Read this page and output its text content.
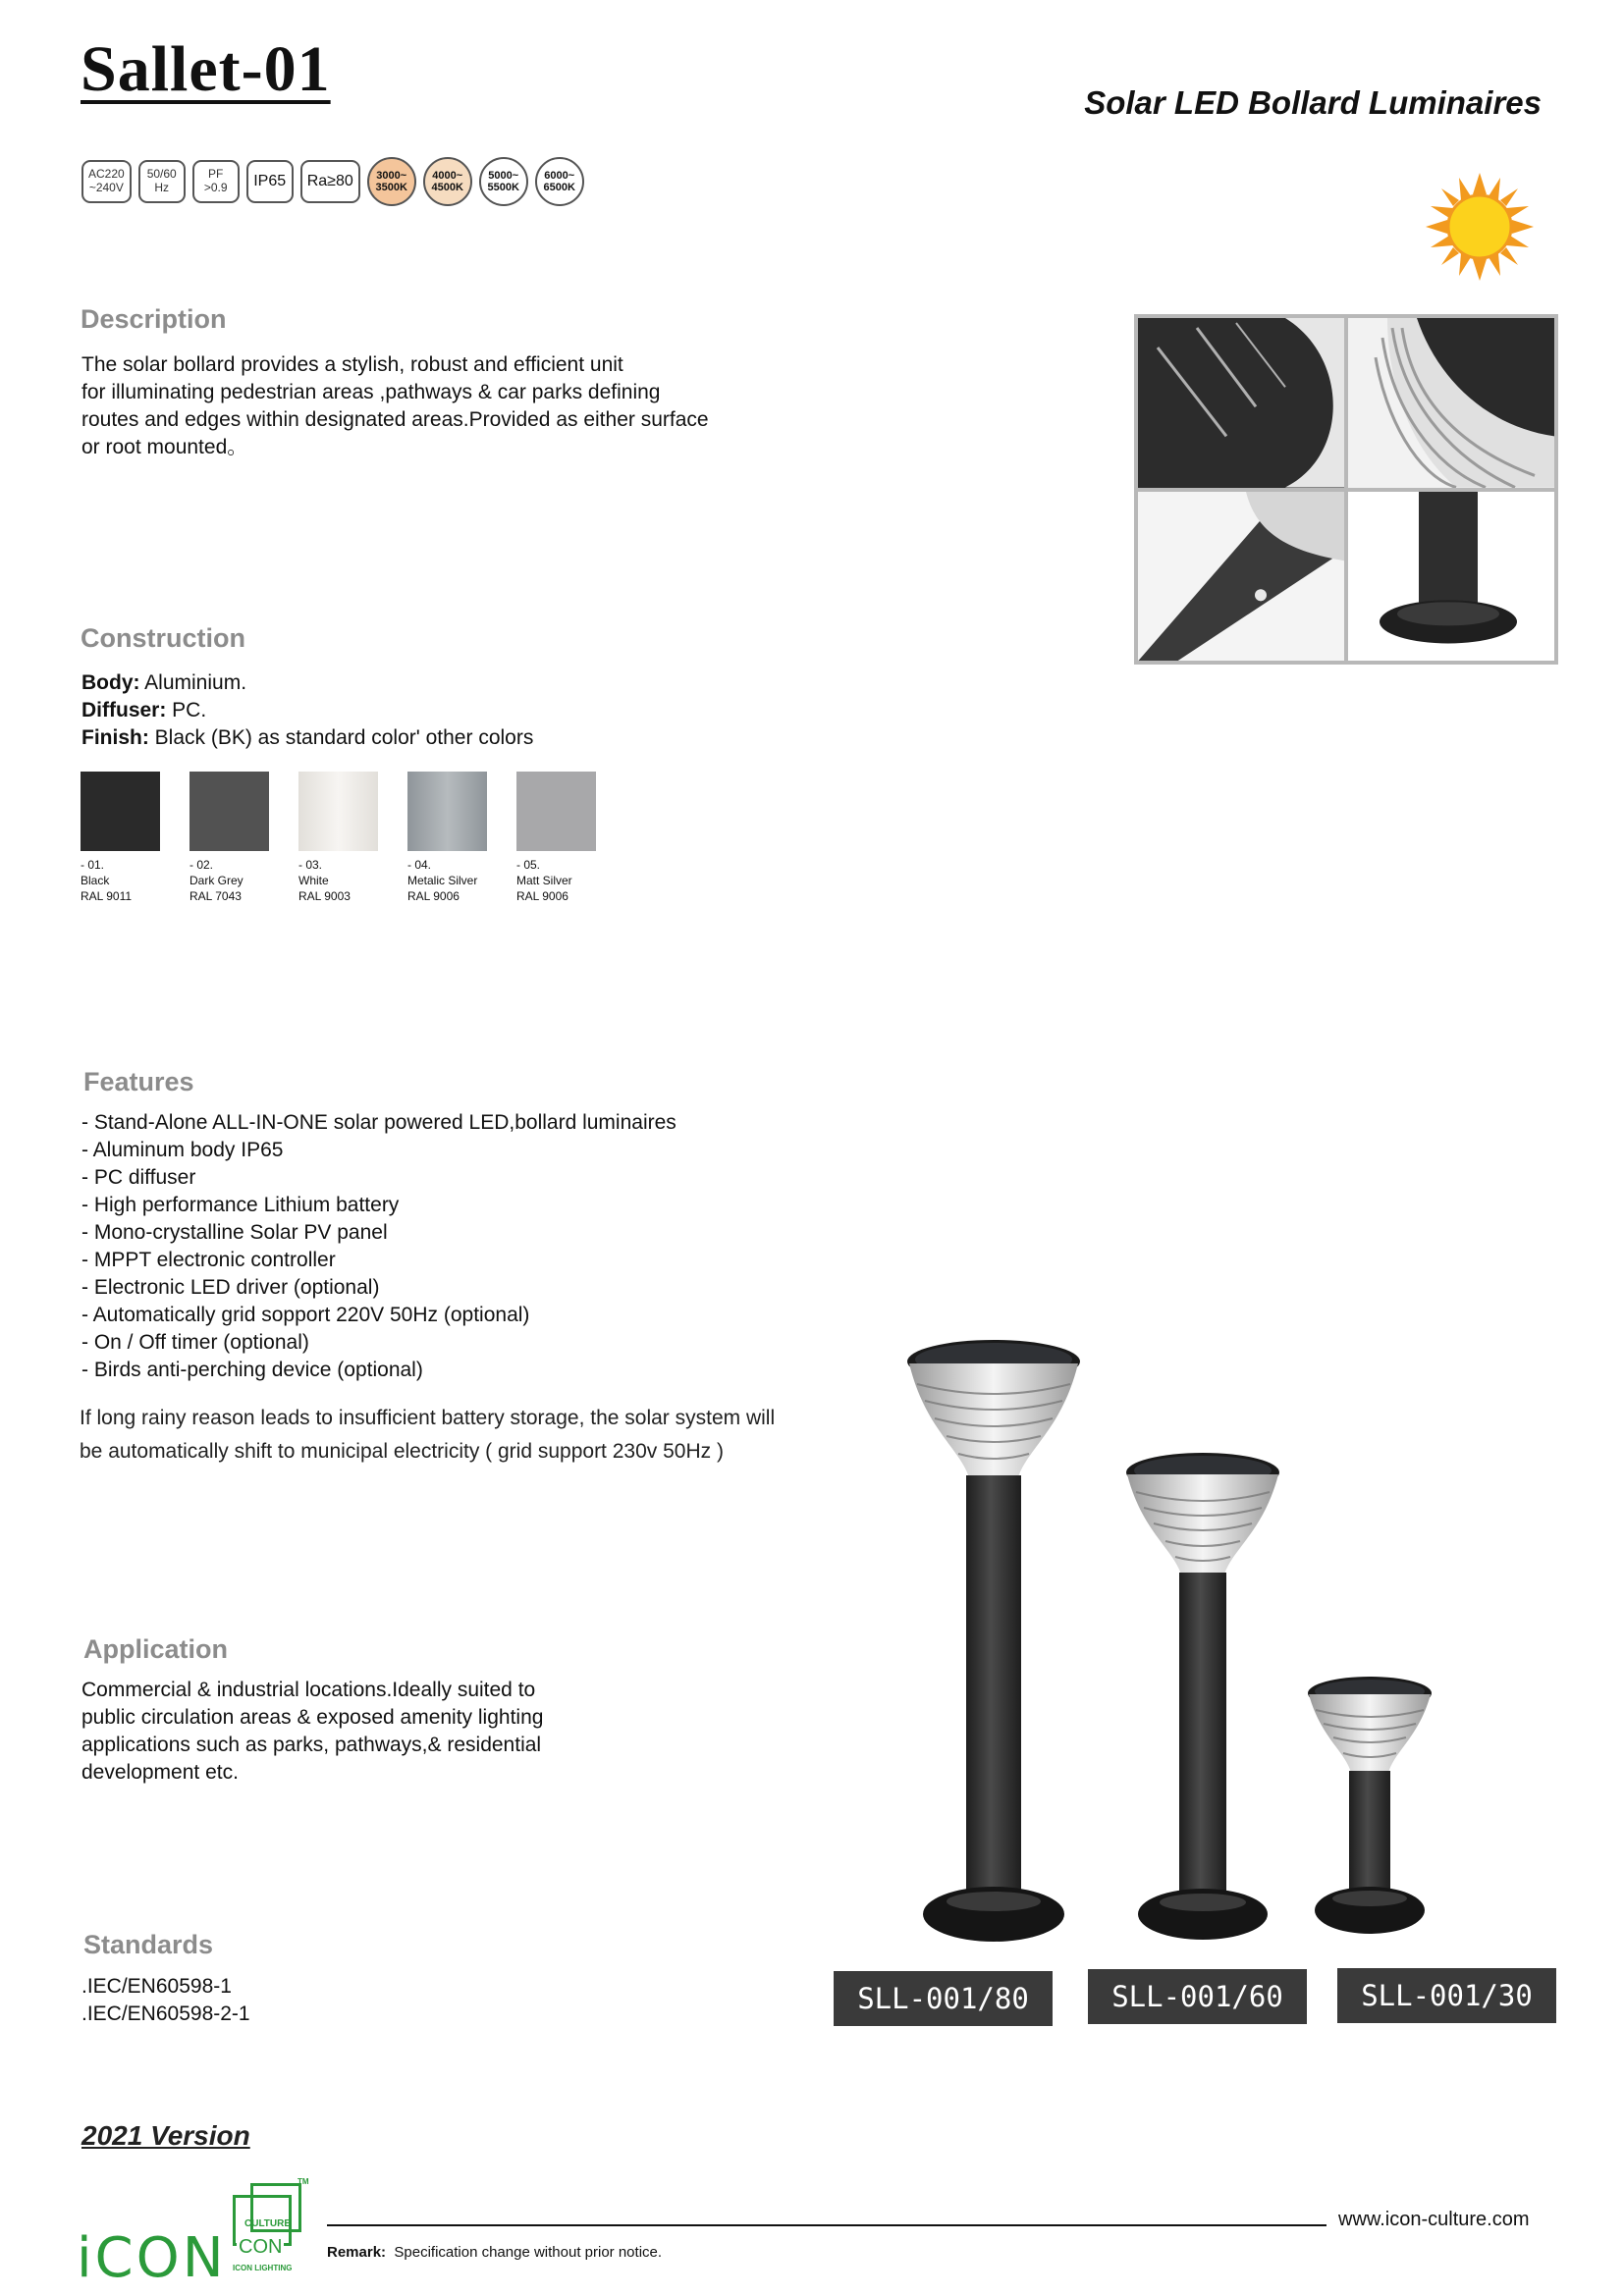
Sallet-01	Solar LED Bollard Luminaires
AC220
~240V
50/60
Hz
PF
>0.9 IP65 Ra≥80 3000~
3500K
4000~
4500K
5000~
5500K
6000~
6500K
Description
The solar bollard provides a stylish, robust and efficient unit
for illuminating pedestrian areas ,pathways & car parks defining
routes and edges within designated areas.Provided as either surface
or root mounted。
Construction
Body: Aluminium.
Diffuser: PC.
Finish: Black (BK) as standard color' other colors
- 01.
Black
RAL 9011
- 02.
Dark Grey
RAL 7043
- 03.
White
RAL 9003
- 04.
Metalic Silver
RAL 9006
- 05.
Matt Silver
RAL 9006
Features
- Stand-Alone ALL-IN-ONE solar powered LED,bollard luminaires
- Aluminum body IP65
- PC diffuser
- High performance Lithium battery
- Mono-crystalline Solar PV panel
- MPPT electronic controller
- Electronic LED driver (optional)
- Automatically grid sopport 220V 50Hz (optional)
- On / Off timer (optional)
- Birds anti-perching device (optional)
If long rainy reason leads to insufficient battery storage, the solar system will
be automatically shift to municipal electricity ( grid support 230v 50Hz )
Application
Commercial & industrial locations.Ideally suited to
public circulation areas & exposed amenity lighting
applications such as parks, pathways,& residential
development etc.
Standards
.IEC/EN60598-1
.IEC/EN60598-2-1	SLL-001/80	SLL-001/60	SLL-001/30
2021 Version
iCON
CULTURE
CON
ICON LIGHTING
TM
www.icon-culture.com
Remark: Specification change without prior notice.
